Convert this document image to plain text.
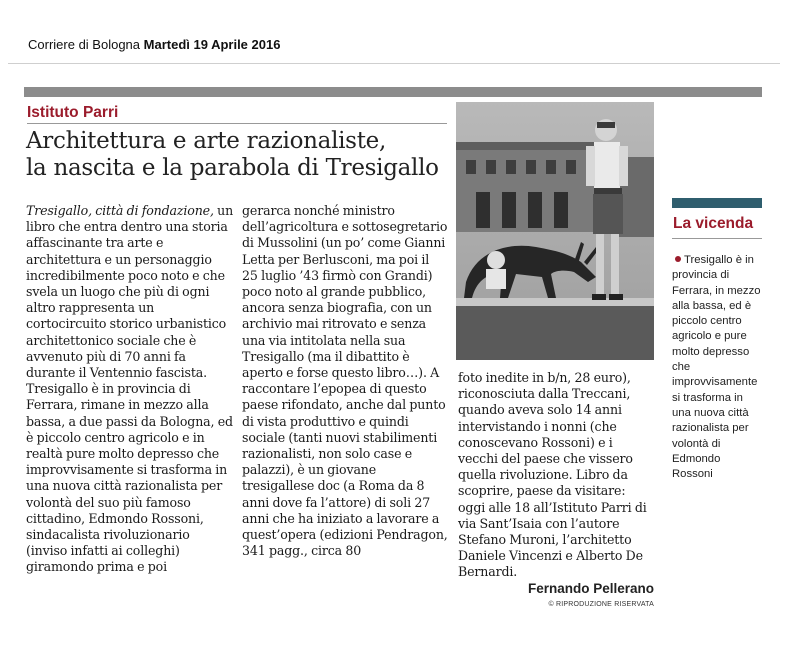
Corriere di Bologna Martedì 19 Aprile 2016
Istituto Parri
Architettura e arte razionaliste,
la nascita e la parabola di Tresigallo
Tresigallo, città di fondazione, un libro che entra dentro una storia affascinante tra arte e architettura e un personaggio incredibilmente poco noto e che svela un luogo che più di ogni altro rappresenta un cortocircuito storico urbanistico architettonico sociale che è avvenuto più di 70 anni fa durante il Ventennio fascista. Tresigallo è in provincia di Ferrara, rimane in mezzo alla bassa, a due passi da Bologna, ed è piccolo centro agricolo e in realtà pure molto depresso che improvvisamente si trasforma in una nuova città razionalista per volontà del suo più famoso cittadino, Edmondo Rossoni, sindacalista rivoluzionario (inviso infatti ai colleghi) giramondo prima e poi
gerarca nonché ministro dell’agricoltura e sottosegretario di Mussolini (un po’ come Gianni Letta per Berlusconi, ma poi il 25 luglio ’43 firmò con Grandi) poco noto al grande pubblico, ancora senza biografia, con un archivio mai ritrovato e senza una via intitolata nella sua Tresigallo (ma il dibattito è aperto e forse questo libro…). A raccontare l’epopea di questo paese rifondato, anche dal punto di vista produttivo e quindi sociale (tanti nuovi stabilimenti razionalisti, non solo case e palazzi), è un giovane tresigallese doc (a Roma da 8 anni dove fa l’attore) di soli 27 anni che ha iniziato a lavorare a quest’opera (edizioni Pendragon, 341 pagg., circa 80
foto inedite in b/n, 28 euro), riconosciuta dalla Treccani, quando aveva solo 14 anni intervistando i nonni (che conoscevano Rossoni) e i vecchi del paese che vissero quella rivoluzione. Libro da scoprire, paese da visitare: oggi alle 18 all’Istituto Parri di via Sant’Isaia con l’autore Stefano Muroni, l’architetto Daniele Vincenzi e Alberto De Bernardi.
Fernando Pellerano
© RIPRODUZIONE RISERVATA
La vicenda
Tresigallo è in provincia di Ferrara, in mezzo alla bassa, ed è piccolo centro agricolo e pure molto depresso che improvvisamente si trasforma in una nuova città razionalista per volontà di Edmondo Rossoni
